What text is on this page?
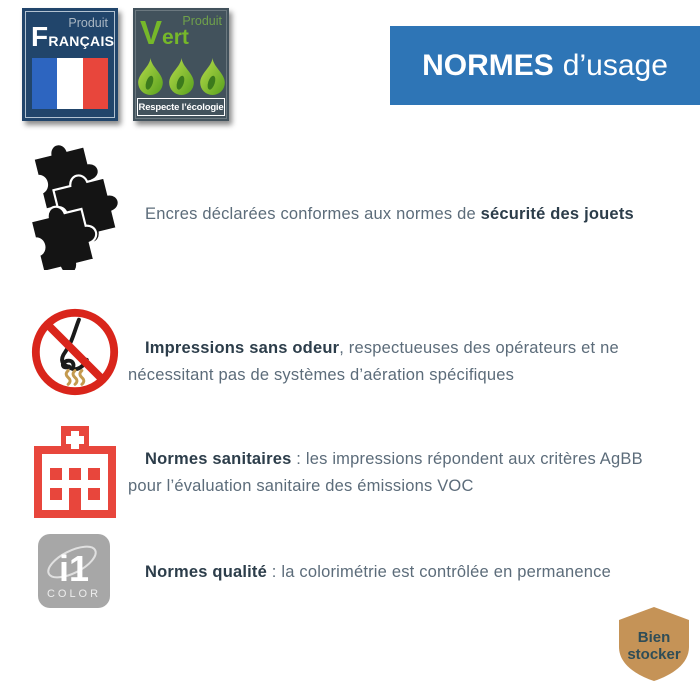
Produit
FRANÇAIS
Produit
Vert
Respecte l’écologie
NORMES d’usage
Encres déclarées conformes aux normes de sécurité des jouets
Impressions sans odeur, respectueuses des opérateurs et ne
nécessitant pas de systèmes d’aération spécifiques
Normes sanitaires : les impressions répondent aux critères AgBB
pour l’évaluation sanitaire des émissions VOC
i1
COLOR
Normes qualité : la colorimétrie est contrôlée en permanence
Bien
stocker
